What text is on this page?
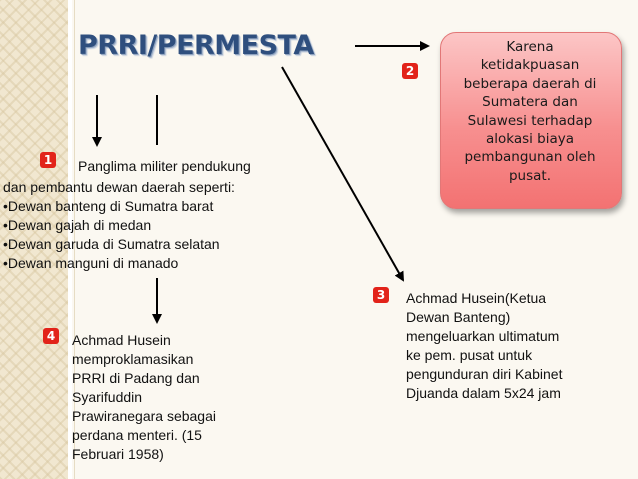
PRRI/PERMESTA	Karena
ketidakpuasan
beberapa daerah di
Sumatera dan
Sulawesi terhadap
alokasi biaya
pembangunan oleh
pusat.
1
2
3
4
Panglima militer pendukung
dan pembantu dewan daerah seperti:
•Dewan banteng di Sumatra barat
•Dewan gajah di medan
•Dewan garuda di Sumatra selatan
•Dewan manguni di manado
Achmad Husein(Ketua
Dewan Banteng)
mengeluarkan ultimatum
ke pem. pusat untuk
pengunduran diri Kabinet
Djuanda dalam 5x24 jam
Achmad Husein
memproklamasikan
PRRI di Padang dan
Syarifuddin
Prawiranegara sebagai
perdana menteri. (15
Februari 1958)
